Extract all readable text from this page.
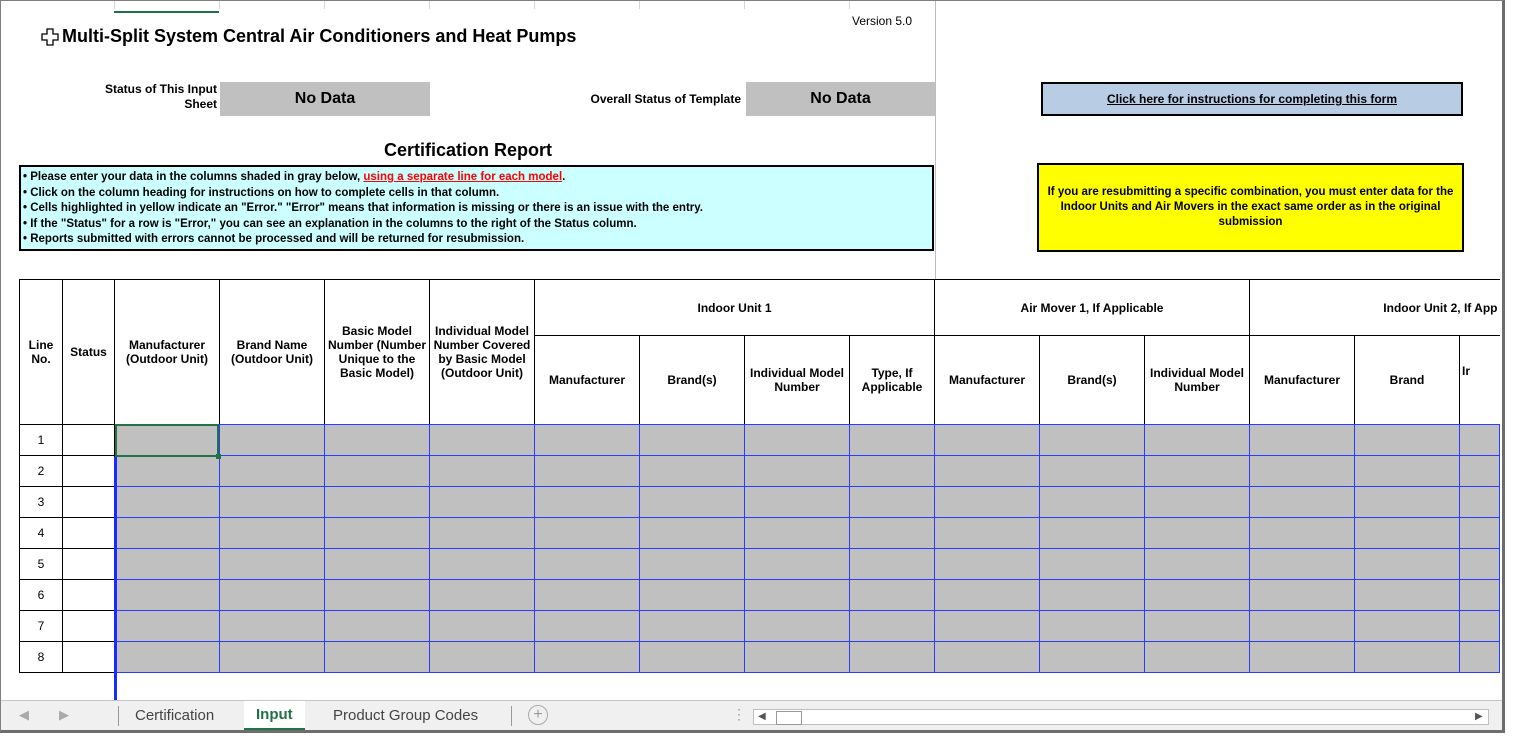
Multi-Split System Central Air Conditioners and Heat Pumps
Version 5.0
Status of This Input
Sheet	No Data	Overall Status of Template	No Data	Click here for instructions for completing this form
Certification Report
• Please enter your data in the columns shaded in gray below, using a separate line for each model.
• Click on the column heading for instructions on how to complete cells in that column.
• Cells highlighted in yellow indicate an "Error." "Error" means that information is missing or there is an issue with the entry.
• If the "Status" for a row is "Error," you can see an explanation in the columns to the right of the Status column.
• Reports submitted with errors cannot be processed and will be returned for resubmission.
If you are resubmitting a specific combination, you must enter data for the Indoor Units and Air Movers in the exact same order as in the original submission
Line No.	Status	Manufacturer (Outdoor Unit)	Brand Name (Outdoor Unit)	Basic Model Number (Number Unique to the Basic Model)	Individual Model Number Covered by Basic Model (Outdoor Unit)	Indoor Unit 1				Air Mover 1, If Applicable			Indoor Unit 2, If App		
						Manufacturer	Brand(s)	Individual Model Number	Type, If Applicable	Manufacturer	Brand(s)	Individual Model Number	Manufacturer	Brand	Ir
1															
2															
3															
4															
5															
6															
7															
8															
◀ ▶	Certification	Input	Product Group Codes	+	⋮ ◀	▶
